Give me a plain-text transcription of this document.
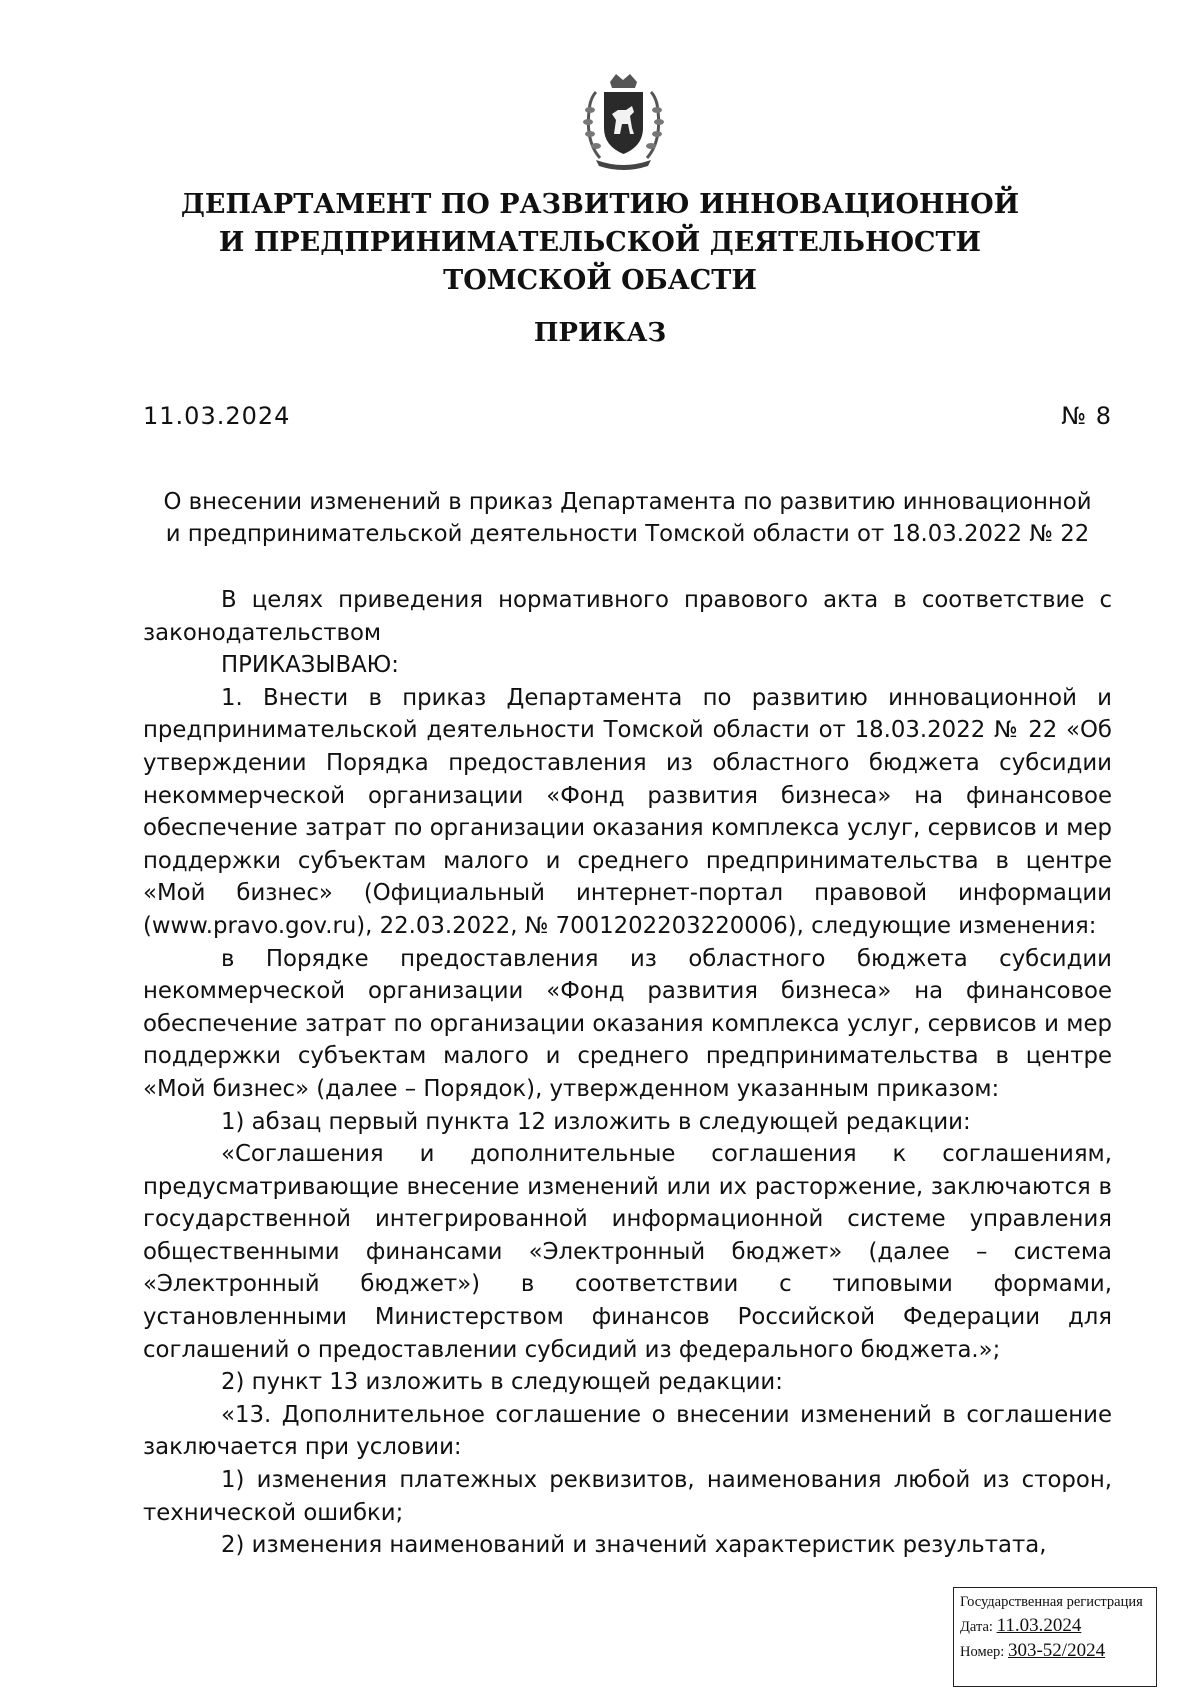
ДЕПАРТАМЕНТ ПО РАЗВИТИЮ ИННОВАЦИОННОЙ
И ПРЕДПРИНИМАТЕЛЬСКОЙ ДЕЯТЕЛЬНОСТИ
ТОМСКОЙ ОБАСТИ
ПРИКАЗ
11.03.2024	№ 8
О внесении изменений в приказ Департамента по развитию инновационной
и предпринимательской деятельности Томской области от 18.03.2022 № 22

В целях приведения нормативного правового акта в соответствие с законодательством

ПРИКАЗЫВАЮ:

1. Внести в приказ Департамента по развитию инновационной и предпринимательской деятельности Томской области от 18.03.2022 № 22 «Об утверждении Порядка предоставления из областного бюджета субсидии некоммерческой организации «Фонд развития бизнеса» на финансовое обеспечение затрат по организации оказания комплекса услуг, сервисов и мер поддержки субъектам малого и среднего предпринимательства в центре «Мой бизнес» (Официальный интернет-портал правовой информации (www.pravo.gov.ru), 22.03.2022, № 7001202203220006), следующие изменения:

в Порядке предоставления из областного бюджета субсидии некоммерческой организации «Фонд развития бизнеса» на финансовое обеспечение затрат по организации оказания комплекса услуг, сервисов и мер поддержки субъектам малого и среднего предпринимательства в центре «Мой бизнес» (далее – Порядок), утвержденном указанным приказом:

1) абзац первый пункта 12 изложить в следующей редакции:

«Соглашения и дополнительные соглашения к соглашениям, предусматривающие внесение изменений или их расторжение, заключаются в государственной интегрированной информационной системе управления общественными финансами «Электронный бюджет» (далее – система «Электронный бюджет») в соответствии с типовыми формами, установленными Министерством финансов Российской Федерации для соглашений о предоставлении субсидий из федерального бюджета.»;

2) пункт 13 изложить в следующей редакции:

«13. Дополнительное соглашение о внесении изменений в соглашение заключается при условии:

1) изменения платежных реквизитов, наименования любой из сторон, технической ошибки;

2) изменения наименований и значений характеристик результата,

Государственная регистрация
Дата: 11.03.2024
Номер: 303-52/2024
